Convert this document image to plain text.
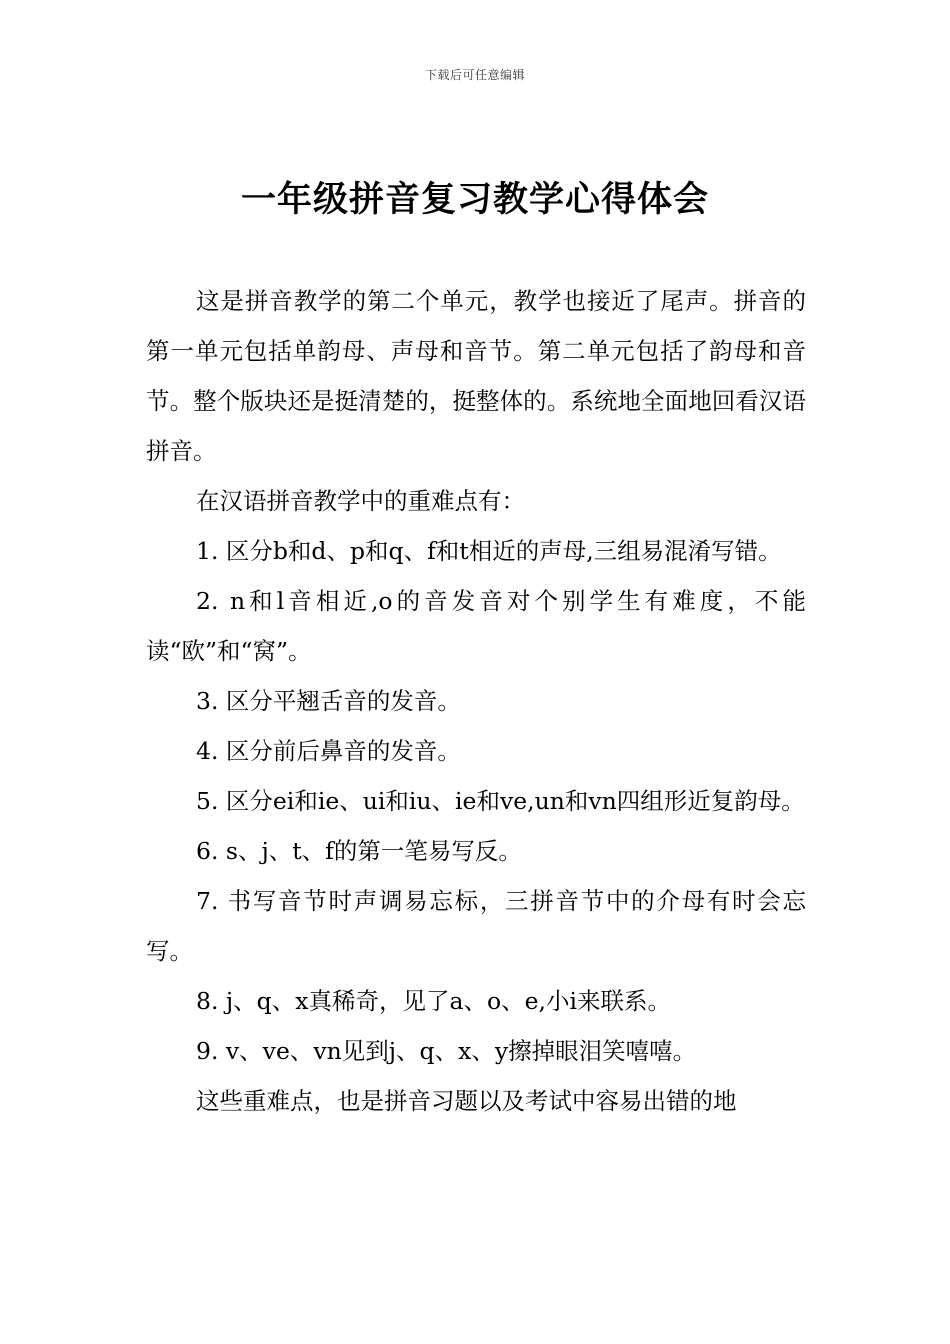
下载后可任意编辑
一年级拼音复习教学心得体会

这是拼音教学的第二个单元，教学也接近了尾声。拼音的第一单元包括单韵母、声母和音节。第二单元包括了韵母和音节。整个版块还是挺清楚的，挺整体的。系统地全面地回看汉语拼音。

在汉语拼音教学中的重难点有：

1. 区分b和d、p和q、f和t相近的声母,三组易混淆写错。

2. n和l音相近,o的音发音对个别学生有难度，不能读“欧”和“窝”。

3. 区分平翘舌音的发音。

4. 区分前后鼻音的发音。

5. 区分ei和ie、ui和iu、ie和ve,un和vn四组形近复韵母。

6. s、j、t、f的第一笔易写反。

7. 书写音节时声调易忘标，三拼音节中的介母有时会忘写。

8. j、q、x真稀奇，见了a、o、e,小i来联系。

9. v、ve、vn见到j、q、x、y擦掉眼泪笑嘻嘻。

这些重难点，也是拼音习题以及考试中容易出错的地
